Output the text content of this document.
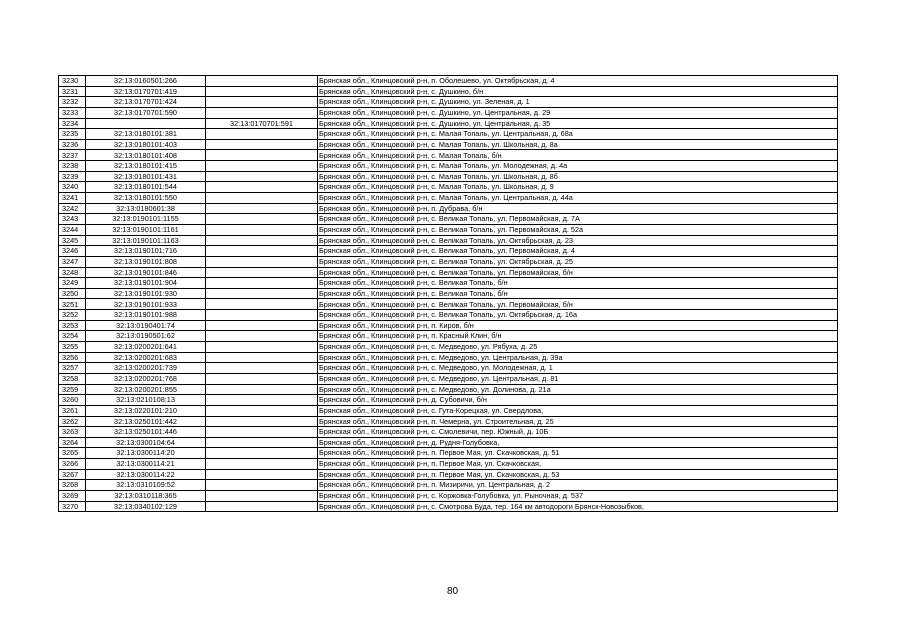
3230	32:13:0160501:266		Брянская обл., Клинцовский р-н, п. Оболешево, ул. Октябрьская, д. 4
3231	32:13:0170701:419		Брянская обл., Клинцовский р-н, с. Душкино, б/н
3232	32:13:0170701:424		Брянская обл., Клинцовский р-н, с. Душкино, ул. Зеленая, д. 1
3233	32:13:0170701:590		Брянская обл., Клинцовский р-н, с. Душкино, ул. Центральная, д. 29
3234		32:13:0170701:591	Брянская обл., Клинцовский р-н, с. Душкино, ул. Центральная, д. 35
3235	32:13:0180101:381		Брянская обл., Клинцовский р-н, с. Малая Топаль, ул. Центральная, д. 68а
3236	32:13:0180101:403		Брянская обл., Клинцовский р-н, с. Малая Топаль, ул. Школьная, д. 8а
3237	32:13:0180101:408		Брянская обл., Клинцовский р-н, с. Малая Топаль, б/н
3238	32:13:0180101:415		Брянская обл., Клинцовский р-н, с. Малая Топаль, ул. Молодежная, д. 4а
3239	32:13:0180101:431		Брянская обл., Клинцовский р-н, с. Малая Топаль, ул. Школьная, д. 8б
3240	32:13:0180101:544		Брянская обл., Клинцовский р-н, с. Малая Топаль, ул. Школьная, д. 9
3241	32:13:0180101:550		Брянская обл., Клинцовский р-н, с. Малая Топаль, ул. Центральная, д. 44а
3242	32:13:0180601:38		Брянская обл., Клинцовский р-н, п. Дубрава, б/н
3243	32:13:0190101:1155		Брянская обл., Клинцовский р-н, с. Великая Топаль, ул. Первомайская, д. 7А
3244	32:13:0190101:1161		Брянская обл., Клинцовский р-н, с. Великая Топаль, ул. Первомайская, д. 52а
3245	32:13:0190101:1163		Брянская обл., Клинцовский р-н, с. Великая Топаль, ул. Октябрьская, д. 23
3246	32:13:0190101:716		Брянская обл., Клинцовский р-н, с. Великая Топаль, ул. Первомайская, д. 4
3247	32:13:0190101:808		Брянская обл., Клинцовский р-н, с. Великая Топаль, ул. Октябрьская, д. 25
3248	32:13:0190101:846		Брянская обл., Клинцовский р-н, с. Великая Топаль, ул. Первомайская, б/н
3249	32:13:0190101:904		Брянская обл., Клинцовский р-н, с. Великая Топаль, б/н
3250	32:13:0190101:930		Брянская обл., Клинцовский р-н, с. Великая Топаль, б/н
3251	32:13:0190101:933		Брянская обл., Клинцовский р-н, с. Великая Топаль, ул. Первомайская, б/н
3252	32:13:0190101:988		Брянская обл., Клинцовский р-н, с. Великая Топаль, ул. Октябрьская, д. 16а
3253	32:13:0190401:74		Брянская обл., Клинцовский р-н, п. Киров, б/н
3254	32:13:0190501:62		Брянская обл., Клинцовский р-н, п. Красный Клин, б/н
3255	32:13:0200201:641		Брянская обл., Клинцовский р-н, с. Медведово, ул. Рябуха, д. 25
3256	32:13:0200201:683		Брянская обл., Клинцовский р-н, с. Медведово, ул. Центральная, д. 39а
3257	32:13:0200201:739		Брянская обл., Клинцовский р-н, с. Медведово, ул. Молодежная, д. 1
3258	32:13:0200201:768		Брянская обл., Клинцовский р-н, с. Медведово, ул. Центральная, д. 81
3259	32:13:0200201:855		Брянская обл., Клинцовский р-н, с. Медведово, ул. Долинова, д. 21а
3260	32:13:0210108:13		Брянская обл., Клинцовский р-н, д. Субовичи, б/н
3261	32:13:0220101:210		Брянская обл., Клинцовский р-н, с. Гута-Корецкая, ул. Свердлова,
3262	32:13:0250101:442		Брянская обл., Клинцовский р-н, п. Чемерна, ул. Строительная, д. 25
3263	32:13:0250101:446		Брянская обл., Клинцовский р-н, с. Смолевичи, пер. Южный, д. 10Б
3264	32:13:0300104:64		Брянская обл., Клинцовский р-н, д. Рудня-Голубовка,
3265	32:13:0300114:20		Брянская обл., Клинцовский р-н, п. Первое Мая, ул. Скачковская, д. 51
3266	32:13:0300114:21		Брянская обл., Клинцовский р-н, п. Первое Мая, ул. Скачковская,
3267	32:13:0300114:22		Брянская обл., Клинцовский р-н, п. Первое Мая, ул. Скачковская, д. 53
3268	32:13:0310109:52		Брянская обл., Клинцовский р-н, п. Мизиричи, ул. Центральная, д. 2
3269	32:13:0310118:365		Брянская обл., Клинцовский р-н, с. Коржовка-Голубовка, ул. Рыночная, д. 537
3270	32:13:0340102:129		Брянская обл., Клинцовский р-н, с. Смотрова Буда, тер. 164 км автодороги Брянск-Новозыбков,
80
